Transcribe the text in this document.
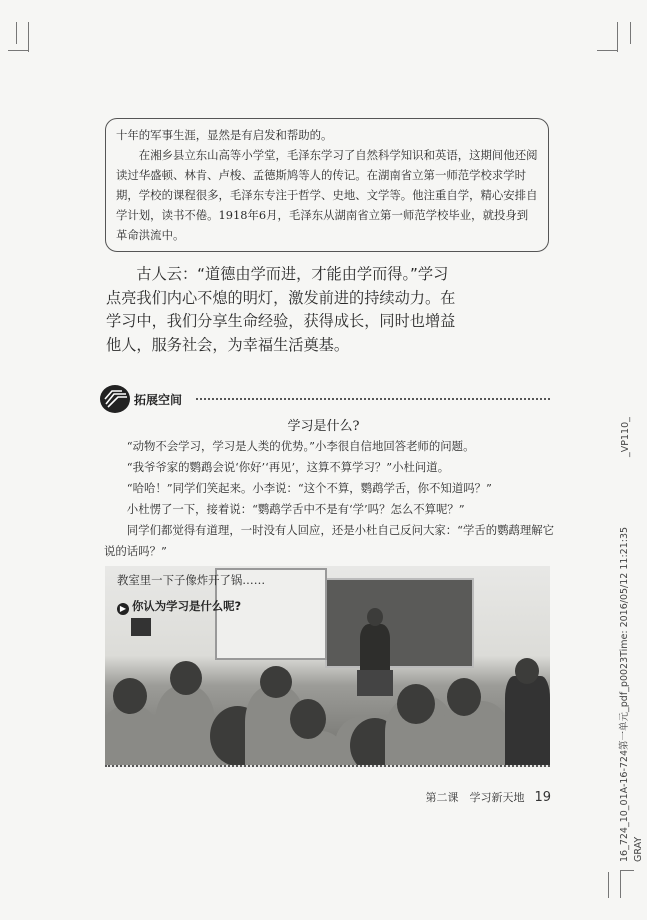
十年的军事生涯，显然是有启发和帮助的。

在湘乡县立东山高等小学堂，毛泽东学习了自然科学知识和英语，这期间他还阅读过华盛顿、林肯、卢梭、孟德斯鸠等人的传记。在湖南省立第一师范学校求学时期，学校的课程很多，毛泽东专注于哲学、史地、文学等。他注重自学，精心安排自学计划，读书不倦。1918年6月，毛泽东从湖南省立第一师范学校毕业，就投身到革命洪流中。

古人云：“道德由学而进，才能由学而得。”学习点亮我们内心不熄的明灯，激发前进的持续动力。在学习中，我们分享生命经验，获得成长，同时也增益他人，服务社会，为幸福生活奠基。

拓展空间
学习是什么?

“动物不会学习，学习是人类的优势。”小李很自信地回答老师的问题。

“我爷爷家的鹦鹉会说‘你好’‘再见’，这算不算学习？”小杜问道。

“哈哈！”同学们笑起来。小李说：“这个不算，鹦鹉学舌，你不知道吗？”

小杜愣了一下，接着说：“鹦鹉学舌中不是有‘学’吗？怎么不算呢？”

同学们都觉得有道理，一时没有人回应，还是小杜自己反问大家：“学舌的鹦鹉理解它说的话吗？”

教室里一下子像炸开了锅……
▶ 你认为学习是什么呢?
第二课　学习新天地 19
_VP110_
16_724_10_01A-16-724第一单元_pdf_p0023Time: 2016/05/12 11:21:35 GRAY
